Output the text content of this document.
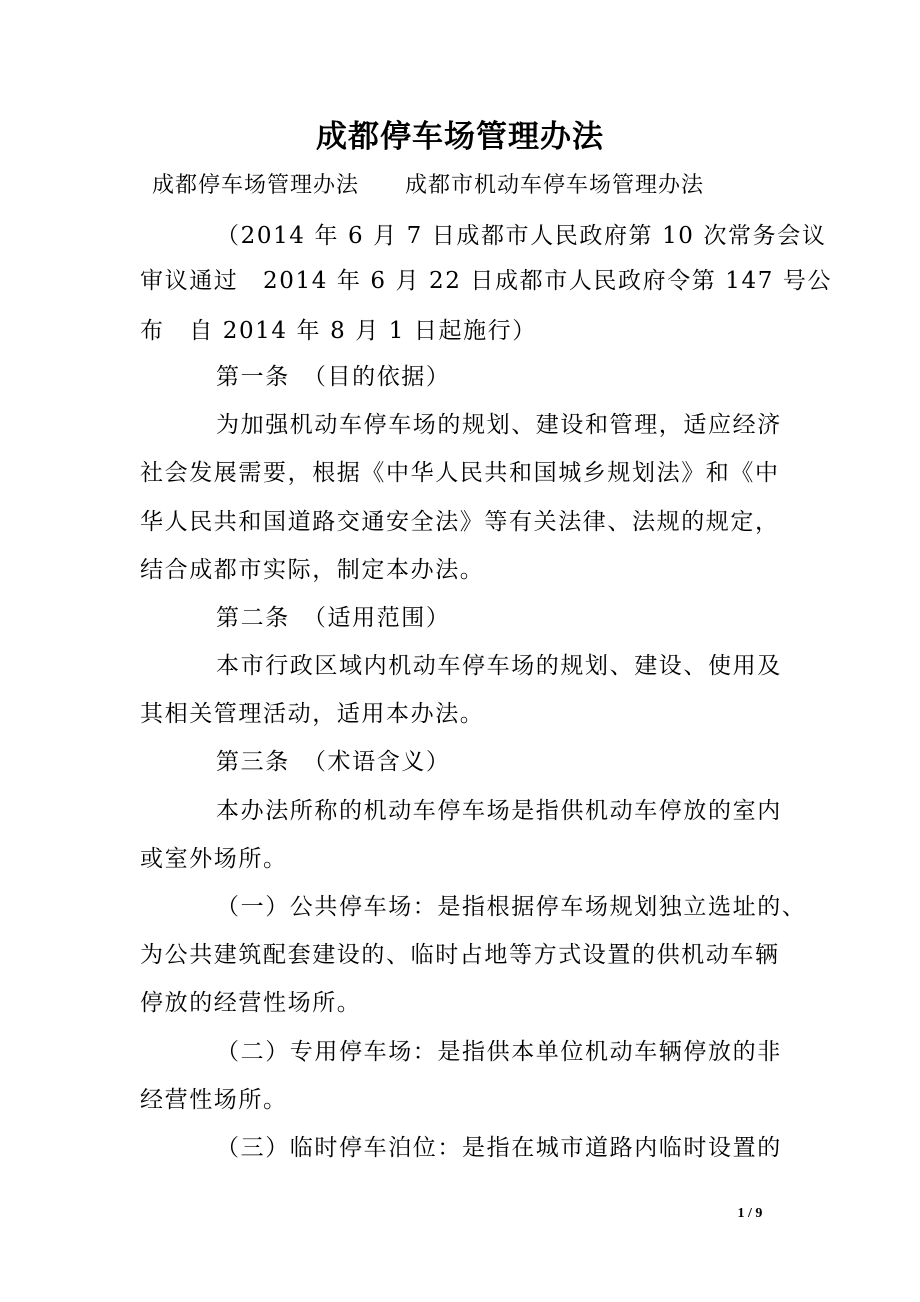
成都停车场管理办法
成都停车场管理办法　　成都市机动车停车场管理办法
（2014 年 6 月 7 日成都市人民政府第 10 次常务会议
审议通过　2014 年 6 月 22 日成都市人民政府令第 147 号公
布　自 2014 年 8 月 1 日起施行）
第一条　（目的依据）
为加强机动车停车场的规划、建设和管理，适应经济
社会发展需要，根据《中华人民共和国城乡规划法》和《中
华人民共和国道路交通安全法》等有关法律、法规的规定，
结合成都市实际，制定本办法。
第二条　（适用范围）
本市行政区域内机动车停车场的规划、建设、使用及
其相关管理活动，适用本办法。
第三条　（术语含义）
本办法所称的机动车停车场是指供机动车停放的室内
或室外场所。
（一）公共停车场：是指根据停车场规划独立选址的、
为公共建筑配套建设的、临时占地等方式设置的供机动车辆
停放的经营性场所。
（二）专用停车场：是指供本单位机动车辆停放的非
经营性场所。
（三）临时停车泊位：是指在城市道路内临时设置的
1 / 9
